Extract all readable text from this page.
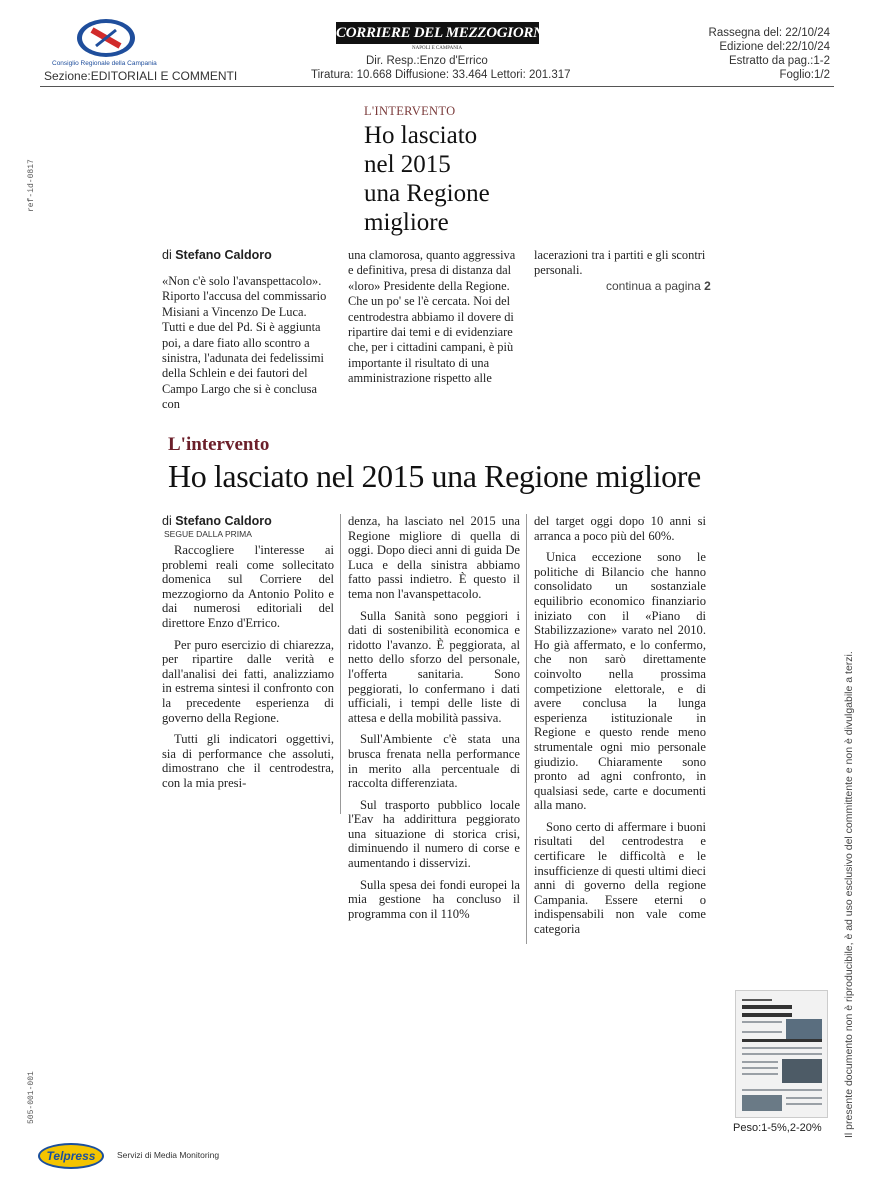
Consiglio Regionale della Campania
Sezione:EDITORIALI E COMMENTI
CORRIERE DEL MEZZOGIORNO
NAPOLI E CAMPANIA
Dir. Resp.:Enzo d'Errico
Tiratura: 10.668 Diffusione: 33.464 Lettori: 201.317
Rassegna del: 22/10/24
Edizione del:22/10/24
Estratto da pag.:1-2
Foglio:1/2
ref-id-0817
505-001-001	Il presente documento non è riproducibile, è ad uso esclusivo del committente e non è divulgabile a terzi.
L'INTERVENTO
Ho lasciato
nel 2015
una Regione
migliore
di Stefano Caldoro
«Non c'è solo l'avanspettacolo». Riporto l'accusa del commissario Misiani a Vincenzo De Luca. Tutti e due del Pd. Si è aggiunta poi, a dare fiato allo scontro a sinistra, l'adunata dei fedelissimi della Schlein e dei fautori del Campo Largo che si è conclusa con
una clamorosa, quanto aggressiva e definitiva, presa di distanza dal «loro» Presidente della Regione. Che un po' se l'è cercata. Noi del centrodestra abbiamo il dovere di ripartire dai temi e di evidenziare che, per i cittadini campani, è più importante il risultato di una amministrazione rispetto alle
lacerazioni tra i partiti e gli scontri personali.
continua a pagina 2
L'intervento
Ho lasciato nel 2015 una Regione migliore
di Stefano Caldoro
SEGUE DALLA PRIMA

Raccogliere l'interesse ai problemi reali come sollecitato domenica sul Corriere del mezzogiorno da Antonio Polito e dai numerosi editoriali del direttore Enzo d'Errico.

Per puro esercizio di chiarezza, per ripartire dalle verità e dall'analisi dei fatti, analizziamo in estrema sintesi il confronto con la precedente esperienza di governo della Regione.

Tutti gli indicatori oggettivi, sia di performance che assoluti, dimostrano che il centrodestra, con la mia presi-

denza, ha lasciato nel 2015 una Regione migliore di quella di oggi. Dopo dieci anni di guida De Luca e della sinistra abbiamo fatto passi indietro. È questo il tema non l'avanspettacolo.

Sulla Sanità sono peggiori i dati di sostenibilità economica e ridotto l'avanzo. È peggiorata, al netto dello sforzo del personale, l'offerta sanitaria. Sono peggiorati, lo confermano i dati ufficiali, i tempi delle liste di attesa e della mobilità passiva.

Sull'Ambiente c'è stata una brusca frenata nella performance in merito alla percentuale di raccolta differenziata.

Sul trasporto pubblico locale l'Eav ha addirittura peggiorato una situazione di storica crisi, diminuendo il numero di corse e aumentando i disservizi.

Sulla spesa dei fondi europei la mia gestione ha concluso il programma con il 110%

del target oggi dopo 10 anni si arranca a poco più del 60%.

Unica eccezione sono le politiche di Bilancio che hanno consolidato un sostanziale equilibrio economico finanziario iniziato con il «Piano di Stabilizzazione» varato nel 2010. Ho già affermato, e lo confermo, che non sarò direttamente coinvolto nella prossima competizione elettorale, e di avere conclusa la lunga esperienza istituzionale in Regione e questo rende meno strumentale ogni mio personale giudizio. Chiaramente sono pronto ad agni confronto, in qualsiasi sede, carte e documenti alla mano.

Sono certo di affermare i buoni risultati del centrodestra e certificare le difficoltà e le insufficienze di questi ultimi dieci anni di governo della regione Campania. Essere eterni o indispensabili non vale come categoria

Peso:1-5%,2-20%
Telpress	Servizi di Media Monitoring
